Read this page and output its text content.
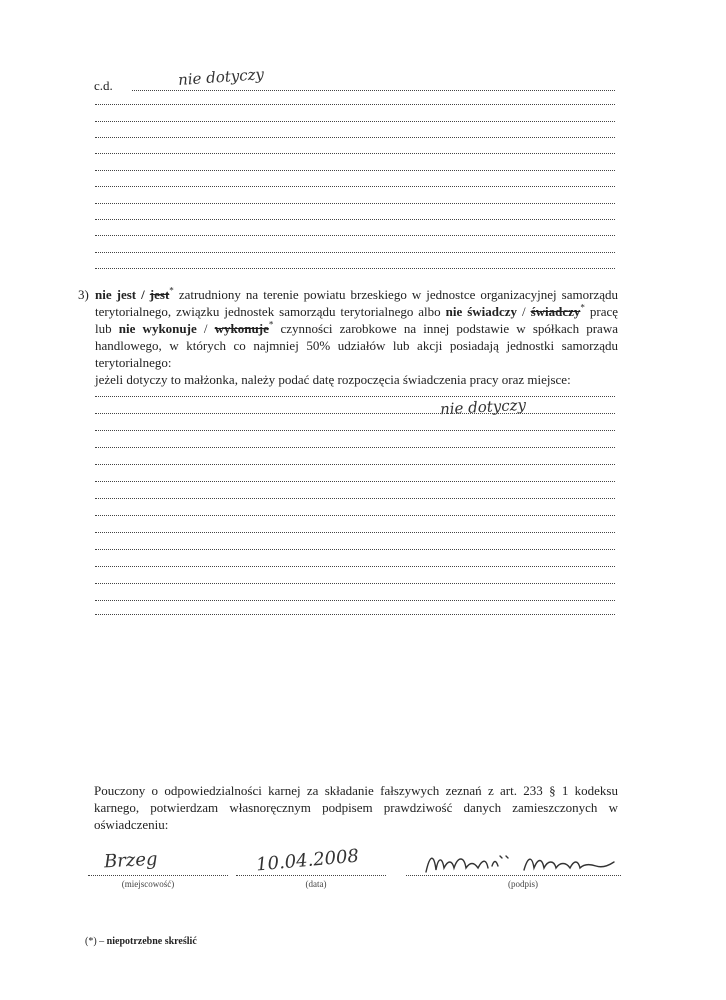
c.d.	nie dotyczy
3) nie jest / jest* zatrudniony na terenie powiatu brzeskiego w jednostce organizacyjnej samorządu terytorialnego, związku jednostek samorządu terytorialnego albo nie świadczy / świadczy* pracę lub nie wykonuje / wykonuje* czynności zarobkowe na innej podstawie w spółkach prawa handlowego, w których co najmniej 50% udziałów lub akcji posiadają jednostki samorządu terytorialnego:

jeżeli dotyczy to małżonka, należy podać datę rozpoczęcia świadczenia pracy oraz miejsce:

nie dotyczy

Pouczony o odpowiedzialności karnej za składanie fałszywych zeznań z art. 233 § 1 kodeksu karnego, potwierdzam własnoręcznym podpisem prawdziwość danych zamieszczonych w oświadczeniu:

Brzeg
(miejscowość)
10.04.2008
(data)	(podpis)
(*) – niepotrzebne skreślić
